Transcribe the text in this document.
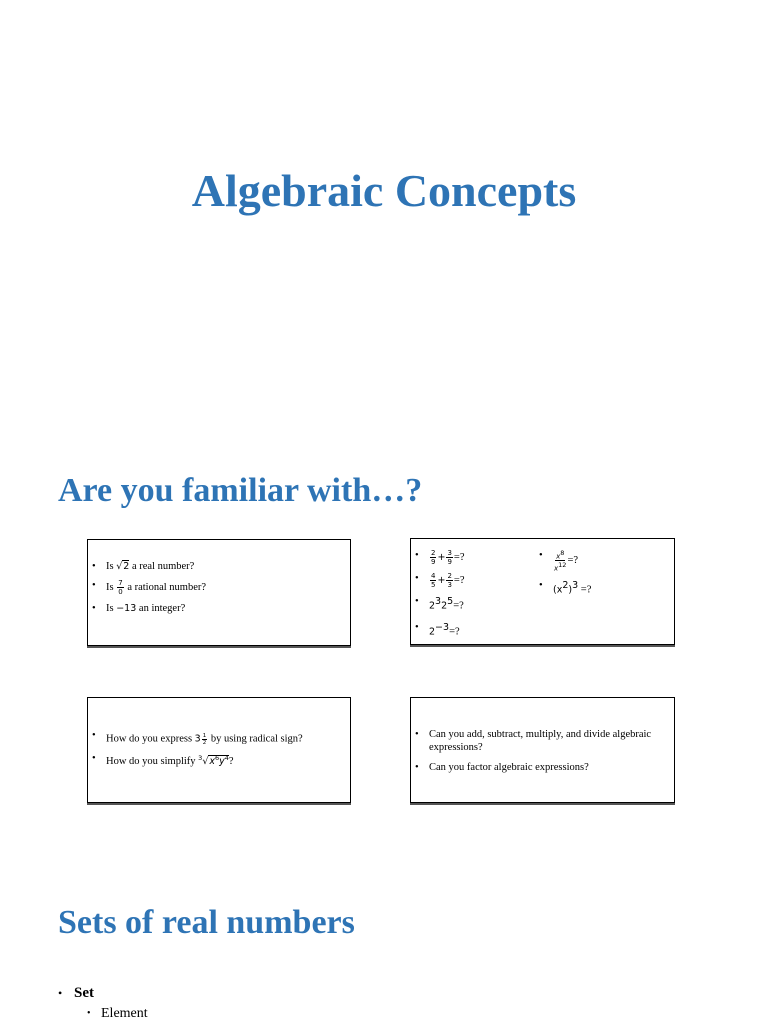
Algebraic Concepts
Are you familiar with…?
• Is √2 a real number?
• Is $\frac{7}{0}$ a rational number?
• Is −13 an integer?
• $\frac{2}{9} + \frac{3}{9}$ =?
• $\frac{4}{5} + \frac{2}{3}$ =?
• $2^32^5=$?
• $2^{-3}=$?
• $\frac{x^8}{x^{12}}$ =?
• $(x^2)^3$ =?
• How do you express 3 $^{\frac{1}{2}}$ by using radical sign?
• How do you simplify $^3√x^6y^4$?
• Can you add, subtract, multiply, and divide algebraic expressions?
• Can you factor algebraic expressions?
Sets of real numbers
• Set
• Element
